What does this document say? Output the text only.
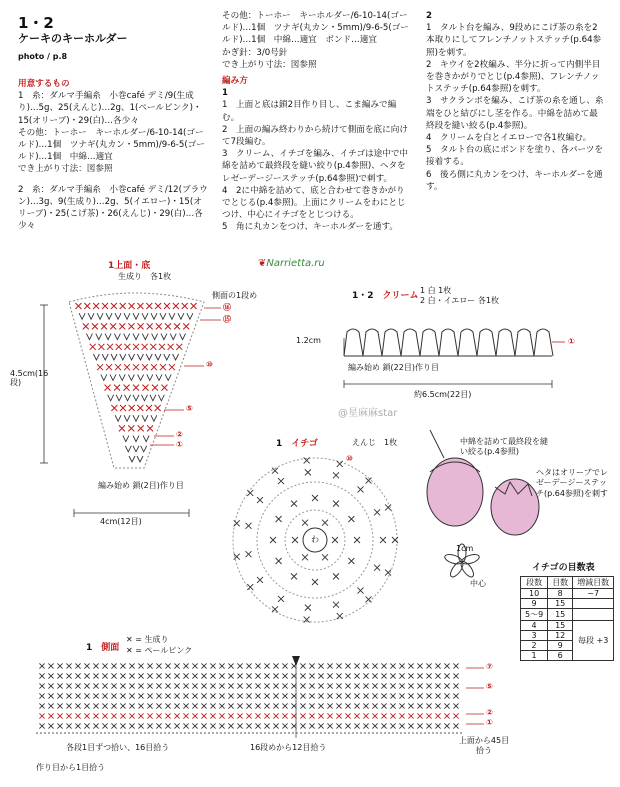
1・2
ケーキのキーホルダー
photo / p.8
用意するもの
1　糸：ダルマ手編糸　小巻café デミ/9(生成り)…5g、25(えんじ)…2g、1(ペールピンク)・15(オリーブ)・29(白)…各少々
その他：トーホー　キーホルダー/6-10-14(ゴールド)…1個　ツナギ(丸カン・5mm)/9-6-5(ゴールド)…1個　中綿…適宜
でき上がり寸法：図参照
2　糸：ダルマ手編糸　小巻café デミ/12(ブラウン)…3g、9(生成り)…2g、5(イエロー)・15(オリーブ)・25(こげ茶)・26(えんじ)・29(白)…各少々
その他：トーホー　キーホルダー/6-10-14(ゴールド)…1個　ツナギ(丸カン・5mm)/9-6-5(ゴールド)…1個　中綿…適宜　ボンド…適宜
かぎ針：3/0号針
でき上がり寸法：図参照
編み方
1
1　上面と底は鎖2目作り目し、こま編みで編む。
2　上面の編み終わりから続けて側面を底に向けて7段編む。
3　クリーム、イチゴを編み、イチゴは途中で中綿を詰めて最終段を縫い絞り(p.4参照)、ヘタをレゼーデージーステッチ(p.64参照)で刺す。
4　2に中綿を詰めて、底と合わせて巻きかがりでとじる(p.4参照)。上面にクリームをわにとじつけ、中心にイチゴをとじつける。
5　角に丸カンをつけ、キーホルダーを通す。
2
1　タルト台を編み、9段めにこげ茶の糸を2本取りにしてフレンチノットステッチ(p.64参照)を刺す。
2　キウイを2枚編み、半分に折って内側半目を巻きかがりでとじ(p.4参照)、フレンチノットステッチ(p.64参照)を刺す。
3　サクランボを編み、こげ茶の糸を通し、糸端をひと結びにし茎を作る。中綿を詰めて最終段を縫い絞る(p.4参照)。
4　クリームを白とイエローで各1枚編む。
5　タルト台の底にボンドを塗り、各パーツを接着する。
6　後ろ側に丸カンをつけ、キーホルダーを通す。
❦Narrietta.ru
1上面・底
生成り　各1枚
側面の1段め
4.5cm(16段)
4cm(12目)
編み始め 鎖(2目)作り目
⑯
⑮
⑩
⑤
②
①
1・2　 クリーム
1 白 1枚
2 白・イエロー 各1枚
1.2cm
編み始め 鎖(22目)作り目
約6.5cm(22目)
①
@星麻麻star
1　 イチゴ	えんじ　1枚
わ
⑩
中綿を詰めて最終段を縫い絞る(p.4参照)
ヘタはオリーブでレゼーデージーステッチ(p.64参照)を刺す
1cm
中心
イチゴの目数表
段数	目数	増減目数
10	8	−7
9	15	
5〜9	15	
4	15	毎段 +3
3	12	
2	9	
1	6	
1　 側面
✕ = 生成り
✕ = ペールピンク
⑦
⑤
②
①
各段1目ずつ拾い、16目拾う	16段めから12目拾う
作り目から1目拾う
上面から45目拾う
